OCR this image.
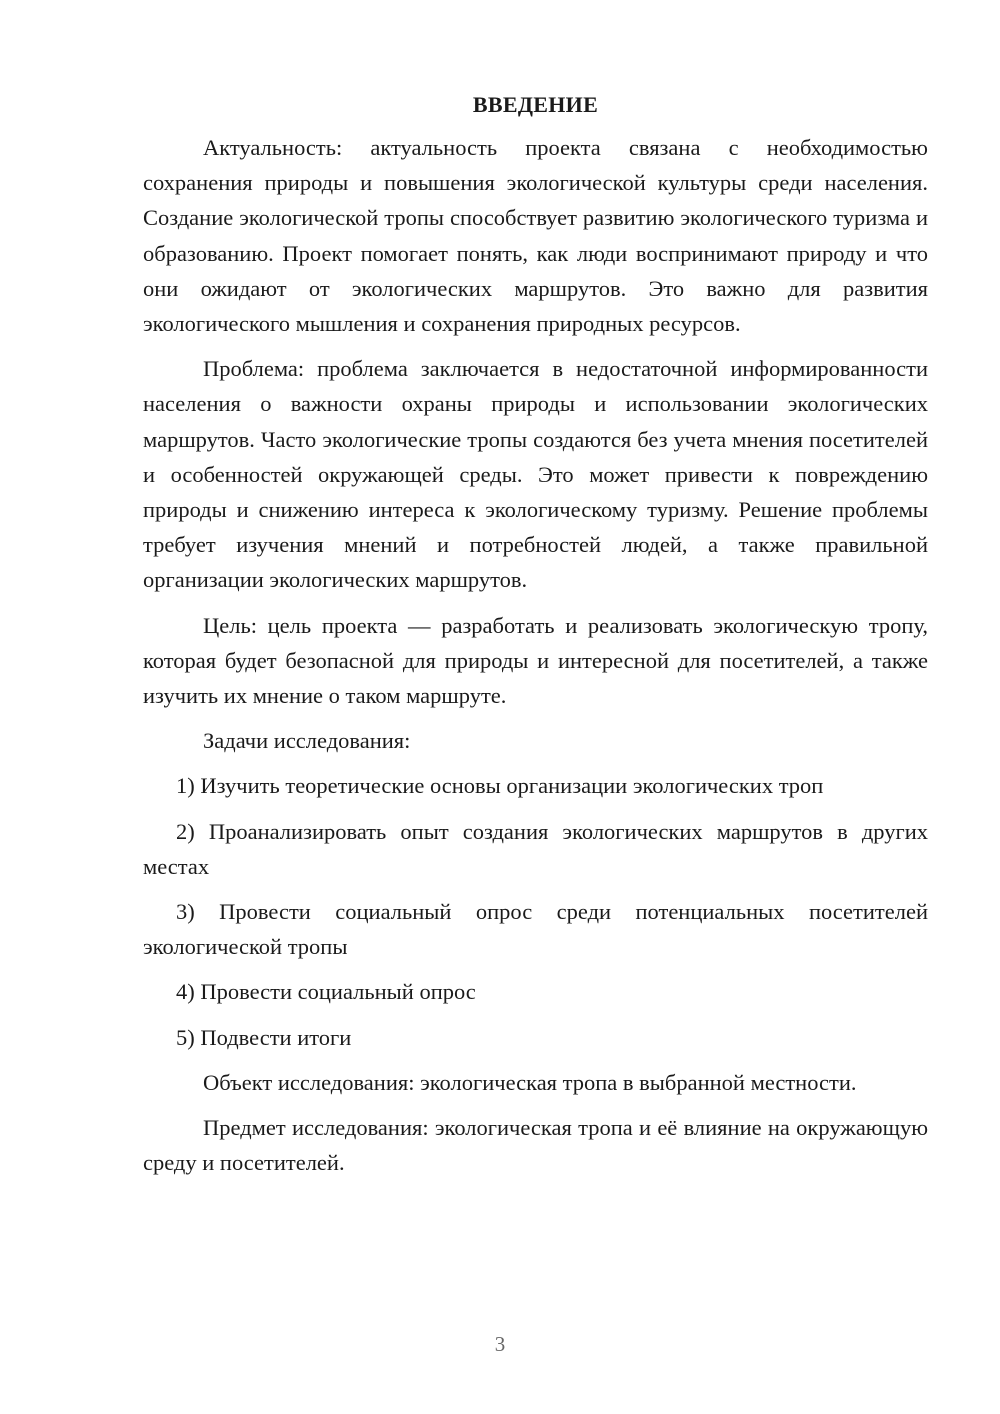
ВВЕДЕНИЕ

Актуальность: актуальность проекта связана с необходимостью сохранения природы и повышения экологической культуры среди населения. Создание экологической тропы способствует развитию экологического туризма и образованию. Проект помогает понять, как люди воспринимают природу и что они ожидают от экологических маршрутов. Это важно для развития экологического мышления и сохранения природных ресурсов.

Проблема: проблема заключается в недостаточной информированности населения о важности охраны природы и использовании экологических маршрутов. Часто экологические тропы создаются без учета мнения посетителей и особенностей окружающей среды. Это может привести к повреждению природы и снижению интереса к экологическому туризму. Решение проблемы требует изучения мнений и потребностей людей, а также правильной организации экологических маршрутов.

Цель: цель проекта — разработать и реализовать экологическую тропу, которая будет безопасной для природы и интересной для посетителей, а также изучить их мнение о таком маршруте.

Задачи исследования:

1) Изучить теоретические основы организации экологических троп

2) Проанализировать опыт создания экологических маршрутов в других местах

3) Провести социальный опрос среди потенциальных посетителей экологической тропы

4) Провести социальный опрос

5) Подвести итоги

Объект исследования: экологическая тропа в выбранной местности.

Предмет исследования: экологическая тропа и её влияние на окружающую среду и посетителей.

3
